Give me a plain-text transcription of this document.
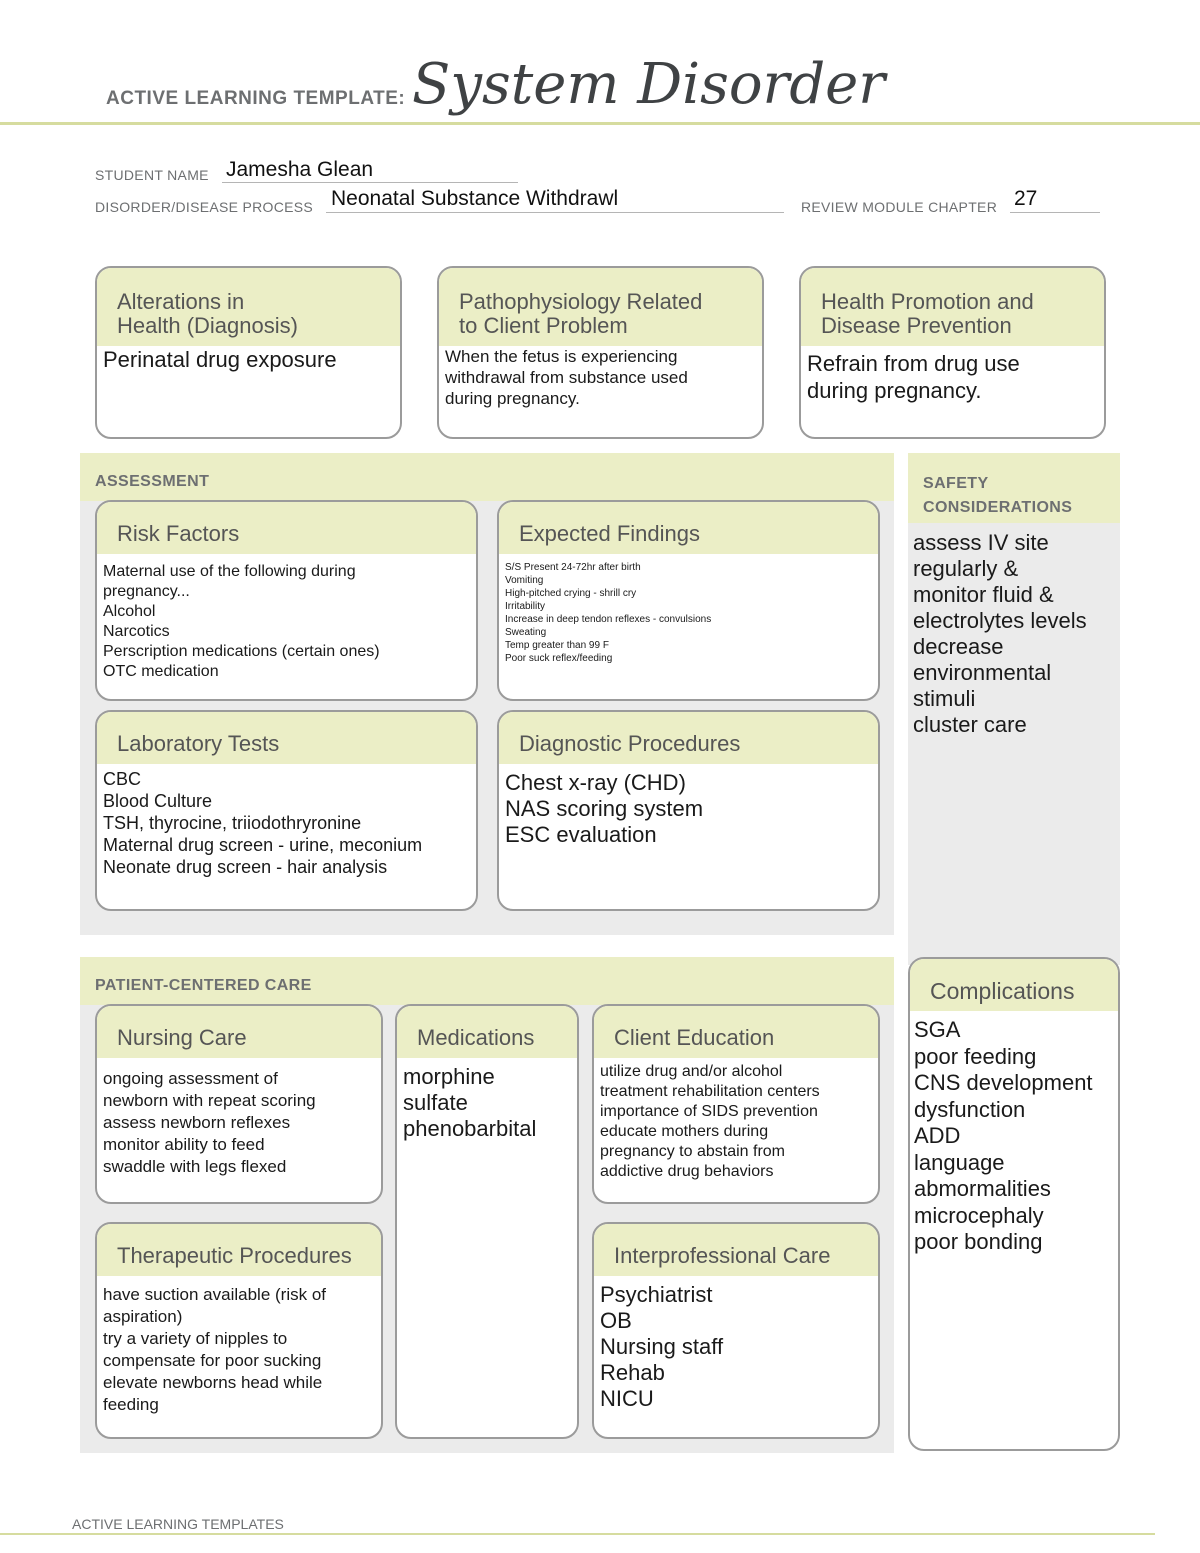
ACTIVE LEARNING TEMPLATE: System Disorder
STUDENT NAME Jamesha Glean
DISORDER/DISEASE PROCESS Neonatal Substance Withdrawl	REVIEW MODULE CHAPTER 27
Alterations in
Health (Diagnosis)
Perinatal drug exposure
Pathophysiology Related
to Client Problem
When the fetus is experiencing
withdrawal from substance used
during pregnancy.
Health Promotion and
Disease Prevention
Refrain from drug use
during pregnancy.
ASSESSMENT
Risk Factors
Maternal use of the following during
pregnancy...
Alcohol
Narcotics
Perscription medications (certain ones)
OTC medication
Expected Findings
S/S Present 24-72hr after birth
Vomiting
High-pitched crying - shrill cry
Irritability
Increase in deep tendon reflexes - convulsions
Sweating
Temp greater than 99 F
Poor suck reflex/feeding
Laboratory Tests
CBC
Blood Culture
TSH, thyrocine, triiodothryronine
Maternal drug screen - urine, meconium
Neonate drug screen - hair analysis
Diagnostic Procedures
Chest x-ray (CHD)
NAS scoring system
ESC evaluation
SAFETY
CONSIDERATIONS
assess IV site
regularly &
monitor fluid &
electrolytes levels
decrease
environmental
stimuli
cluster care
PATIENT-CENTERED CARE
Nursing Care
ongoing assessment of
newborn with repeat scoring
assess newborn reflexes
monitor ability to feed
swaddle with legs flexed
Medications
morphine
sulfate
phenobarbital
Client Education
utilize drug and/or alcohol
treatment rehabilitation centers
importance of SIDS prevention
educate mothers during
pregnancy to abstain from
addictive drug behaviors
Therapeutic Procedures
have suction available (risk of
aspiration)
try a variety of nipples to
compensate for poor sucking
elevate newborns head while
feeding
Interprofessional Care
Psychiatrist
OB
Nursing staff
Rehab
NICU
Complications
SGA
poor feeding
CNS development
dysfunction
ADD
language
abmormalities
microcephaly
poor bonding
ACTIVE LEARNING TEMPLATES
